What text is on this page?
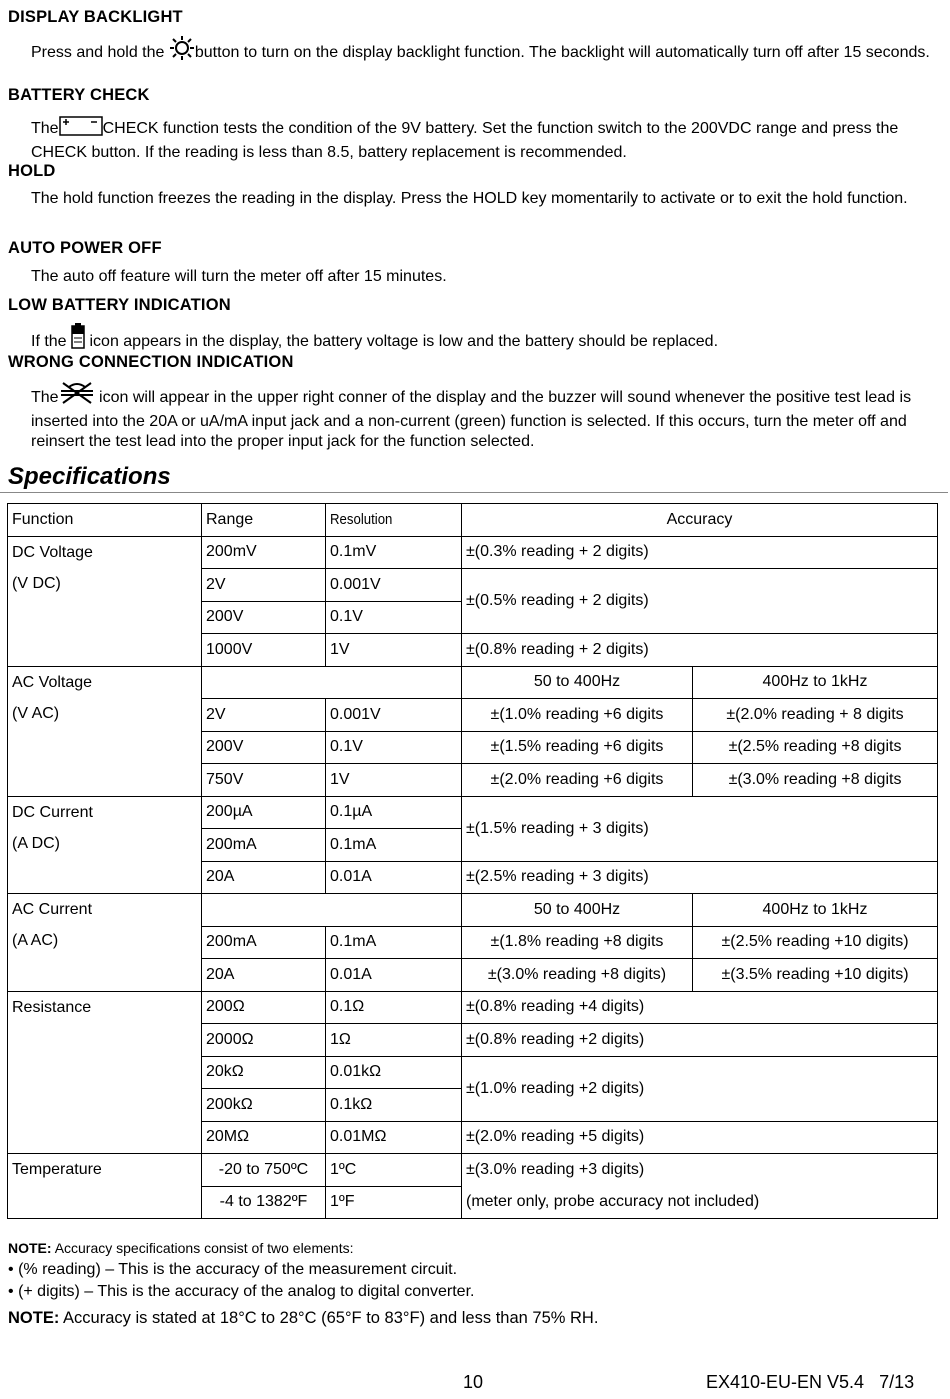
DISPLAY BACKLIGHT
Press and hold the button to turn on the display backlight function. The backlight will automatically turn off after 15 seconds.
BATTERY CHECK
The	CHECK function tests the condition of the 9V battery. Set the function switch to the 200VDC range and press the CHECK button. If the reading is less than 8.5, battery replacement is recommended.
HOLD
The hold function freezes the reading in the display. Press the HOLD key momentarily to activate or to exit the hold function.
AUTO POWER OFF
The auto off feature will turn the meter off after 15 minutes.
LOW BATTERY INDICATION
If the icon appears in the display, the battery voltage is low and the battery should be replaced.
WRONG CONNECTION INDICATION
The	icon will appear in the upper right conner of the display and the buzzer will sound whenever the positive test lead is inserted into the 20A or uA/mA input jack and a non-current (green) function is selected. If this occurs, turn the meter off and reinsert the test lead into the proper input jack for the function selected.
Specifications
Function	Range	Resolution	Accuracy	

DC Voltage
(V DC)	200mV	0.1mV	±(0.3% reading + 2 digits)	
	2V	0.001V	±(0.5% reading + 2 digits)	
	200V	0.1V		
	1000V	1V	±(0.8% reading + 2 digits)	

AC Voltage
(V AC)			50 to 400Hz	400Hz to 1kHz
	2V	0.001V	±(1.0% reading +6 digits	±(2.0% reading + 8 digits
	200V	0.1V	±(1.5% reading +6 digits	±(2.5% reading +8 digits
	750V	1V	±(2.0% reading +6 digits	±(3.0% reading +8 digits

DC Current
(A DC)	200µA	0.1µA	±(1.5% reading + 3 digits)	
	200mA	0.1mA		
	20A	0.01A	±(2.5% reading + 3 digits)	

AC Current
(A AC)			50 to 400Hz	400Hz to 1kHz
	200mA	0.1mA	±(1.8% reading +8 digits	±(2.5% reading +10 digits)
	20A	0.01A	±(3.0% reading +8 digits)	±(3.5% reading +10 digits)

Resistance	200Ω	0.1Ω	±(0.8% reading +4 digits)	
	2000Ω	1Ω	±(0.8% reading +2 digits)	
	20kΩ	0.01kΩ	±(1.0% reading +2 digits)	
	200kΩ	0.1kΩ		
	20MΩ	0.01MΩ	±(2.0% reading +5 digits)	

Temperature	-20 to 750ºC	1ºC	±(3.0% reading +3 digits)	
	-4 to 1382ºF	1ºF	(meter only, probe accuracy not included)	
NOTE: Accuracy specifications consist of two elements:
• (% reading) – This is the accuracy of the measurement circuit.
• (+ digits) – This is the accuracy of the analog to digital converter.
NOTE: Accuracy is stated at 18°C to 28°C (65°F to 83°F) and less than 75% RH.
10	EX410-EU-EN V5.4   7/13
